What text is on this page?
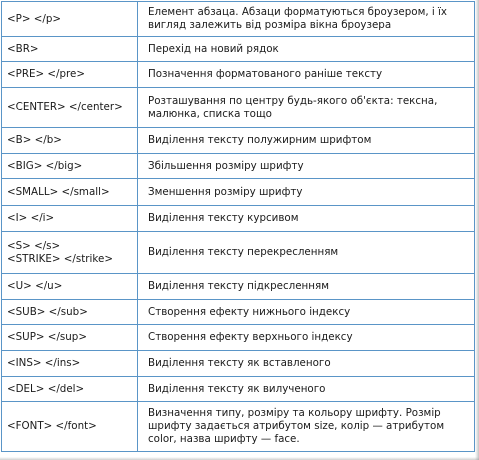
<P> </p>	Елемент абзаца. Абзаци форматуються броузером, і їх вигляд залежить від розміра вікна броузера

<BR>	Перехід на новий рядок

<PRE> </pre>	Позначення форматованого раніше тексту

<CENTER> </center>	Розташування по центру будь-якого об'єкта: тексна, малюнка, списка тощо

<B> </b>	Виділення тексту полужирним шрифтом

<BIG> </big>	Збільшення розміру шрифту

<SMALL> </small>	Зменшення розміру шрифту

<I> </i>	Виділення тексту курсивом

<S> </s>
<STRIKE> </strike>	Виділення тексту перекресленням

<U> </u>	Виділення тексту підкресленням

<SUB> </sub>	Створення ефекту нижнього індексу

<SUP> </sup>	Створення ефекту верхнього індексу

<INS> </ins>	Виділення тексту як вставленого

<DEL> </del>	Виділення тексту як вилученого

<FONT> </font>	Визначення типу, розміру та кольору шрифту. Розмір шрифту задається атрибутом size, колір — атрибутом color, назва шрифту — face.
